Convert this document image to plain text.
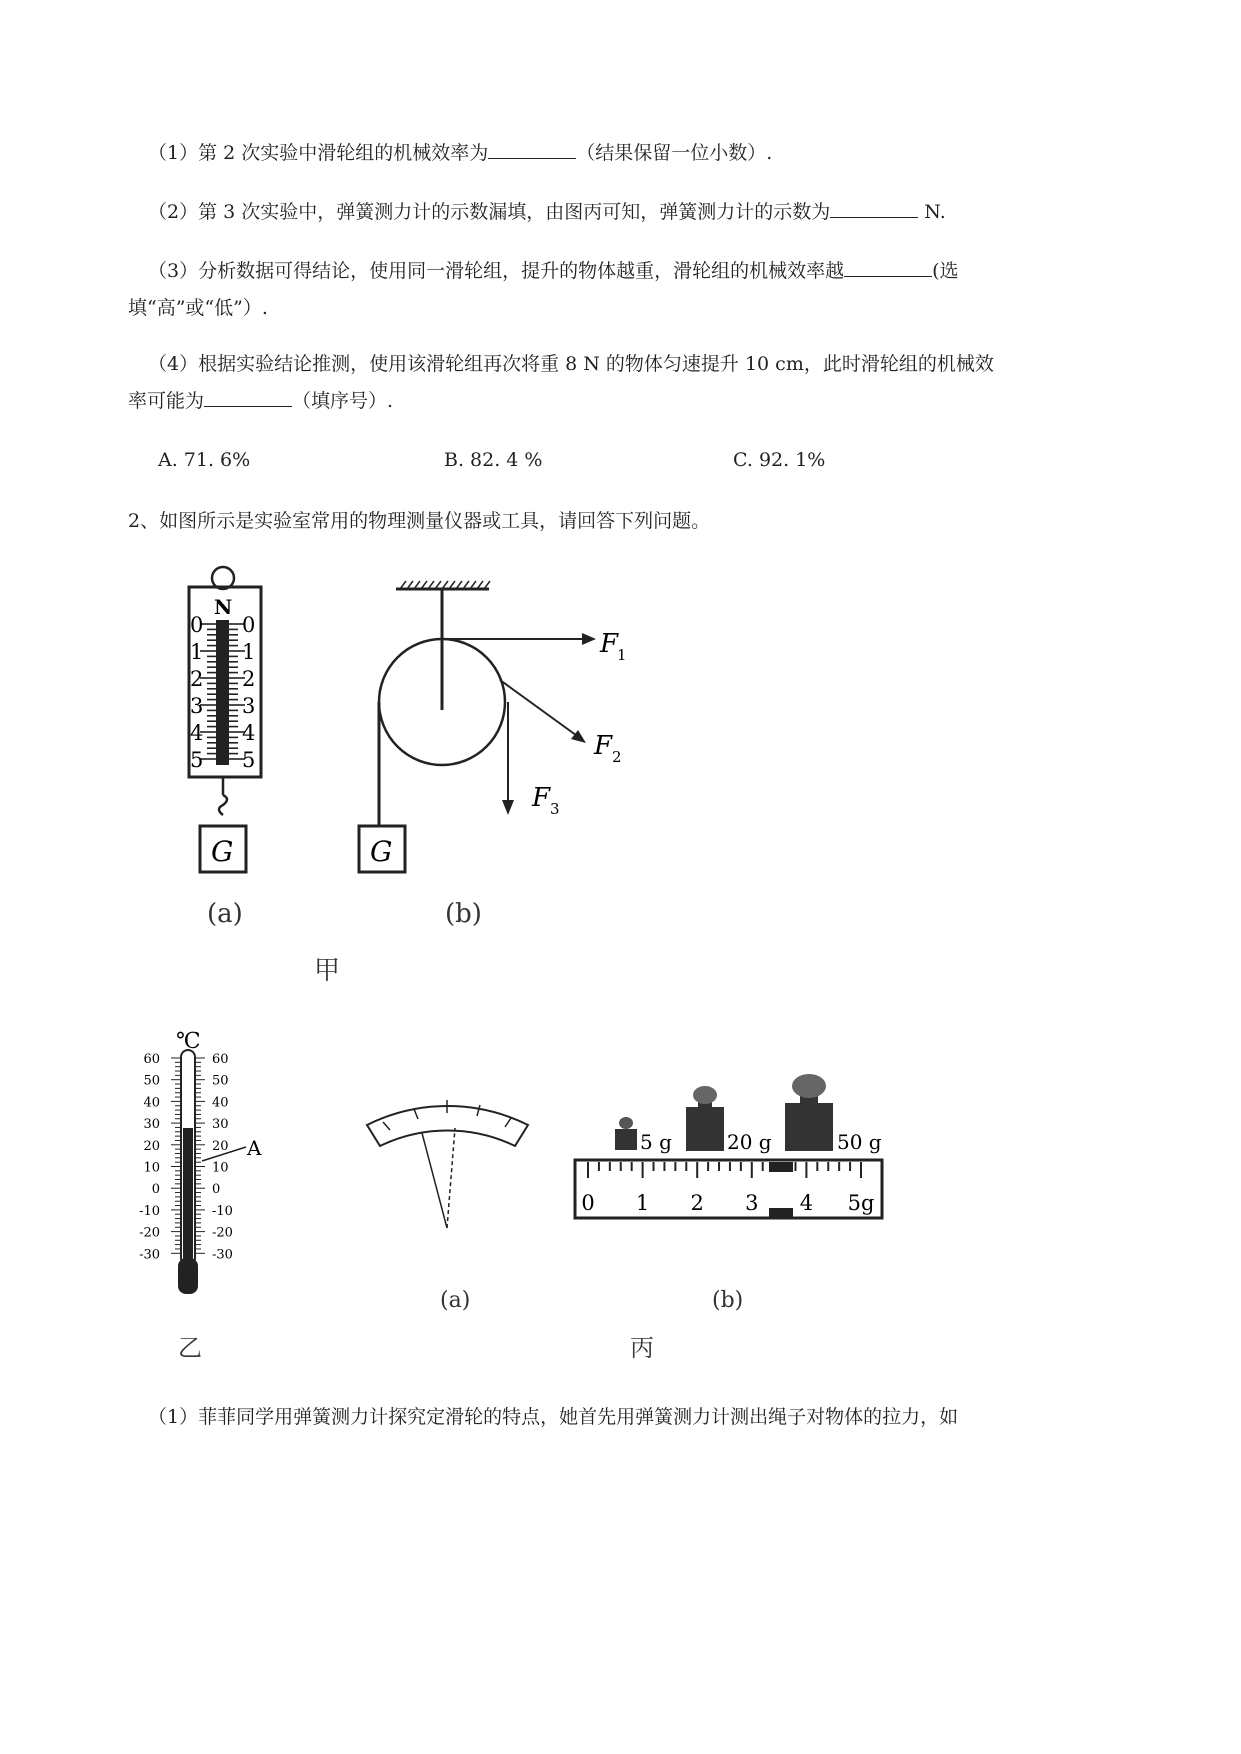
（1）第 2 次实验中滑轮组的机械效率为	（结果保留一位小数）.
（2）第 3 次实验中，弹簧测力计的示数漏填，由图丙可知，弹簧测力计的示数为	N.
（3）分析数据可得结论，使用同一滑轮组，提升的物体越重，滑轮组的机械效率越	(选
填“高”或“低”）.
（4）根据实验结论推测，使用该滑轮组再次将重 8 N 的物体匀速提升 10 cm，此时滑轮组的机械效
率可能为	（填序号）.
A. 71. 6%	B. 82. 4 %	C. 92. 1%
2、如图所示是实验室常用的物理测量仪器或工具，请回答下列问题。
N
0 0
1 1
2 2
3 3
4 4
5 5
G	G
F
1
F 2
F 3
℃
60
50
40
30
20
10
0
-10
-20
-30
60
50
40
30
20
10
0
-10
-20
-30
A	5 g	20 g	50 g
0 1 2 3 4 5g
(a)	(b)
甲
(a)	(b)
乙	丙
（1）菲菲同学用弹簧测力计探究定滑轮的特点，她首先用弹簧测力计测出绳子对物体的拉力，如
